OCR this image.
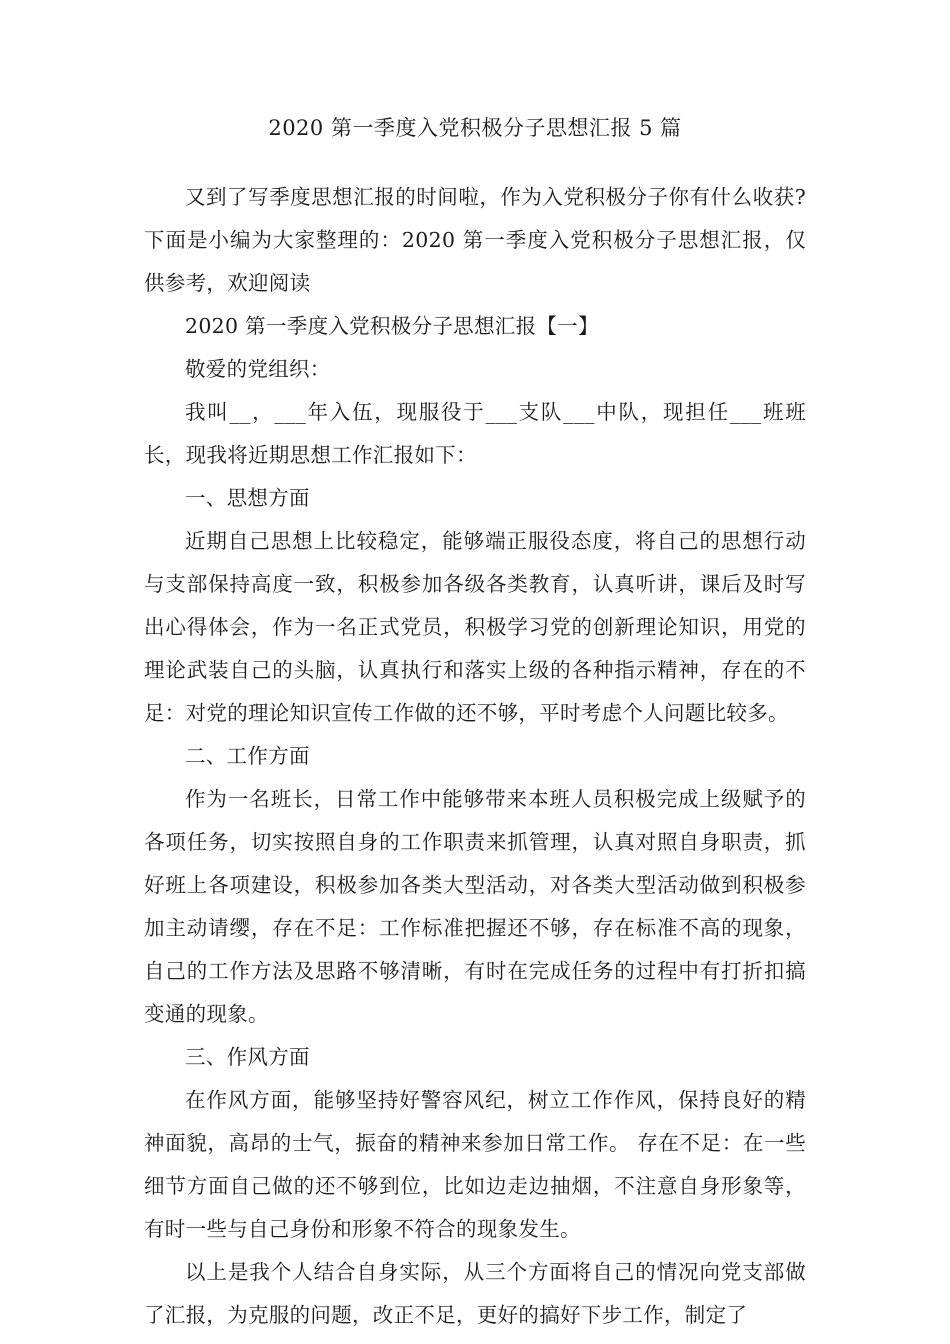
2020 第一季度入党积极分子思想汇报 5 篇

又到了写季度思想汇报的时间啦，作为入党积极分子你有什么收获?下面是小编为大家整理的：2020 第一季度入党积极分子思想汇报，仅供参考，欢迎阅读

2020 第一季度入党积极分子思想汇报【一】

敬爱的党组织：

我叫__，___年入伍，现服役于___支队___中队，现担任___班班长，现我将近期思想工作汇报如下：

一、思想方面

近期自己思想上比较稳定，能够端正服役态度，将自己的思想行动与支部保持高度一致，积极参加各级各类教育，认真听讲，课后及时写出心得体会，作为一名正式党员，积极学习党的创新理论知识，用党的理论武装自己的头脑，认真执行和落实上级的各种指示精神，存在的不足：对党的理论知识宣传工作做的还不够，平时考虑个人问题比较多。

二、工作方面

作为一名班长，日常工作中能够带来本班人员积极完成上级赋予的各项任务，切实按照自身的工作职责来抓管理，认真对照自身职责，抓好班上各项建设，积极参加各类大型活动，对各类大型活动做到积极参加主动请缨，存在不足：工作标准把握还不够，存在标准不高的现象，自己的工作方法及思路不够清晰，有时在完成任务的过程中有打折扣搞变通的现象。

三、作风方面

在作风方面，能够坚持好警容风纪，树立工作作风，保持良好的精神面貌，高昂的士气，振奋的精神来参加日常工作。 存在不足：在一些细节方面自己做的还不够到位，比如边走边抽烟，不注意自身形象等，有时一些与自己身份和形象不符合的现象发生。

以上是我个人结合自身实际，从三个方面将自己的情况向党支部做了汇报，为克服的问题，改正不足，更好的搞好下步工作，制定了
